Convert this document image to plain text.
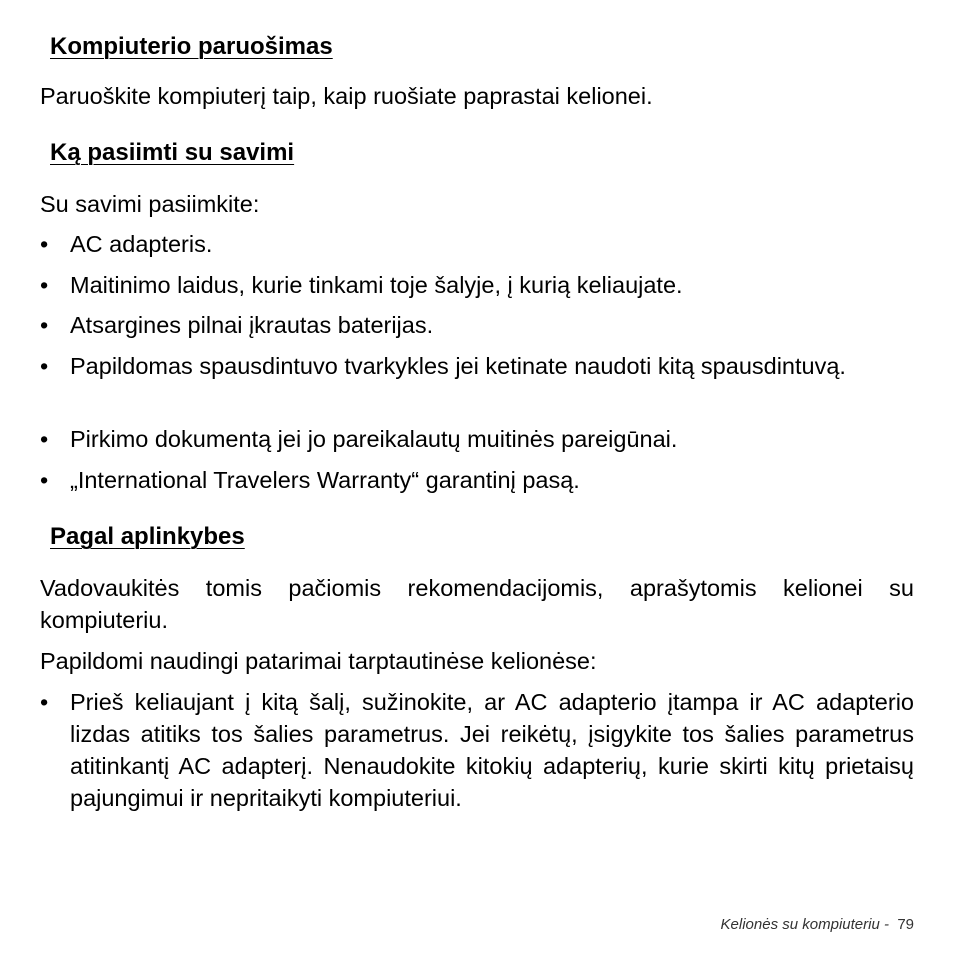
Kompiuterio paruošimas
Paruoškite kompiuterį taip, kaip ruošiate paprastai kelionei.
Ką pasiimti su savimi
Su savimi pasiimkite:
• AC adapteris.
• Maitinimo laidus, kurie tinkami toje šalyje, į kurią keliaujate.
• Atsargines pilnai įkrautas baterijas.
• Papildomas spausdintuvo tvarkykles jei ketinate naudoti kitą spausdintuvą.
• Pirkimo dokumentą jei jo pareikalautų muitinės pareigūnai.
• „International Travelers Warranty“ garantinį pasą.
Pagal aplinkybes
Vadovaukitės tomis pačiomis rekomendacijomis, aprašytomis kelionei su kompiuteriu.
Papildomi naudingi patarimai tarptautinėse kelionėse:
• Prieš keliaujant į kitą šalį, sužinokite, ar AC adapterio įtampa ir AC adapterio lizdas atitiks tos šalies parametrus. Jei reikėtų, įsigykite tos šalies parametrus atitinkantį AC adapterį. Nenaudokite kitokių adapterių, kurie skirti kitų prietaisų pajungimui ir nepritaikyti kompiuteriui.
Kelionės su kompiuteriu - 79
